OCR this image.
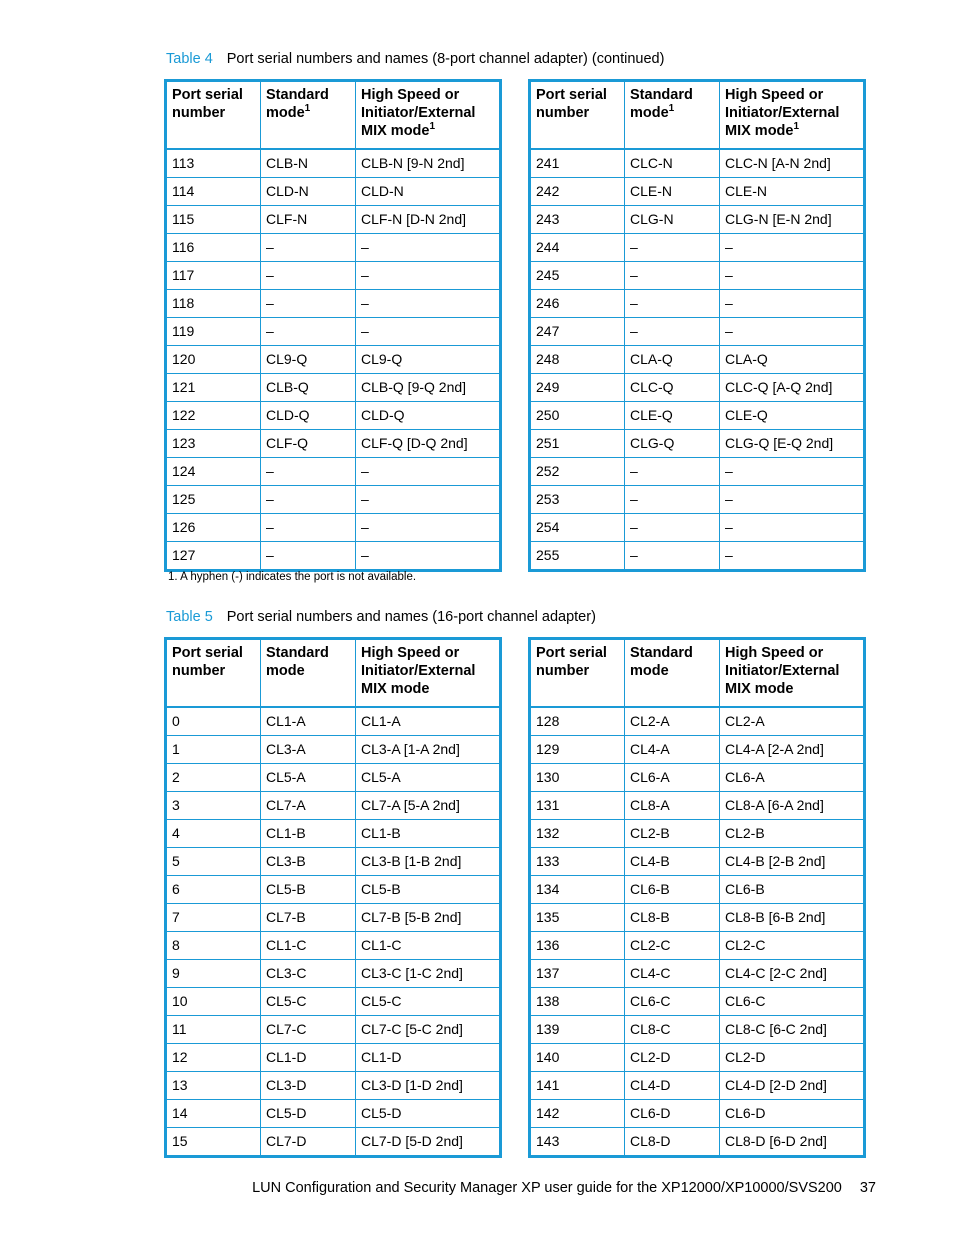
Table 4 Port serial numbers and names (8-port channel adapter) (continued)
Port serial number	Standard mode$^1$	High Speed or Initiator/External MIX mode$^1$
113	CLB-N	CLB-N [9-N 2nd]
114	CLD-N	CLD-N
115	CLF-N	CLF-N [D-N 2nd]
116	–	–
117	–	–
118	–	–
119	–	–
120	CL9-Q	CL9-Q
121	CLB-Q	CLB-Q [9-Q 2nd]
122	CLD-Q	CLD-Q
123	CLF-Q	CLF-Q [D-Q 2nd]
124	–	–
125	–	–
126	–	–
127	–	–
Port serial number	Standard mode$^1$	High Speed or Initiator/External MIX mode$^1$
241	CLC-N	CLC-N [A-N 2nd]
242	CLE-N	CLE-N
243	CLG-N	CLG-N [E-N 2nd]
244	–	–
245	–	–
246	–	–
247	–	–
248	CLA-Q	CLA-Q
249	CLC-Q	CLC-Q [A-Q 2nd]
250	CLE-Q	CLE-Q
251	CLG-Q	CLG-Q [E-Q 2nd]
252	–	–
253	–	–
254	–	–
255	–	–
1. A hyphen (-) indicates the port is not available.
Table 5 Port serial numbers and names (16-port channel adapter)
Port serial number	Standard mode	High Speed or Initiator/External MIX mode
0	CL1-A	CL1-A
1	CL3-A	CL3-A [1-A 2nd]
2	CL5-A	CL5-A
3	CL7-A	CL7-A [5-A 2nd]
4	CL1-B	CL1-B
5	CL3-B	CL3-B [1-B 2nd]
6	CL5-B	CL5-B
7	CL7-B	CL7-B [5-B 2nd]
8	CL1-C	CL1-C
9	CL3-C	CL3-C [1-C 2nd]
10	CL5-C	CL5-C
11	CL7-C	CL7-C [5-C 2nd]
12	CL1-D	CL1-D
13	CL3-D	CL3-D [1-D 2nd]
14	CL5-D	CL5-D
15	CL7-D	CL7-D [5-D 2nd]
Port serial number	Standard mode	High Speed or Initiator/External MIX mode
128	CL2-A	CL2-A
129	CL4-A	CL4-A [2-A 2nd]
130	CL6-A	CL6-A
131	CL8-A	CL8-A [6-A 2nd]
132	CL2-B	CL2-B
133	CL4-B	CL4-B [2-B 2nd]
134	CL6-B	CL6-B
135	CL8-B	CL8-B [6-B 2nd]
136	CL2-C	CL2-C
137	CL4-C	CL4-C [2-C 2nd]
138	CL6-C	CL6-C
139	CL8-C	CL8-C [6-C 2nd]
140	CL2-D	CL2-D
141	CL4-D	CL4-D [2-D 2nd]
142	CL6-D	CL6-D
143	CL8-D	CL8-D [6-D 2nd]
LUN Configuration and Security Manager XP user guide for the XP12000/XP10000/SVS200 37
